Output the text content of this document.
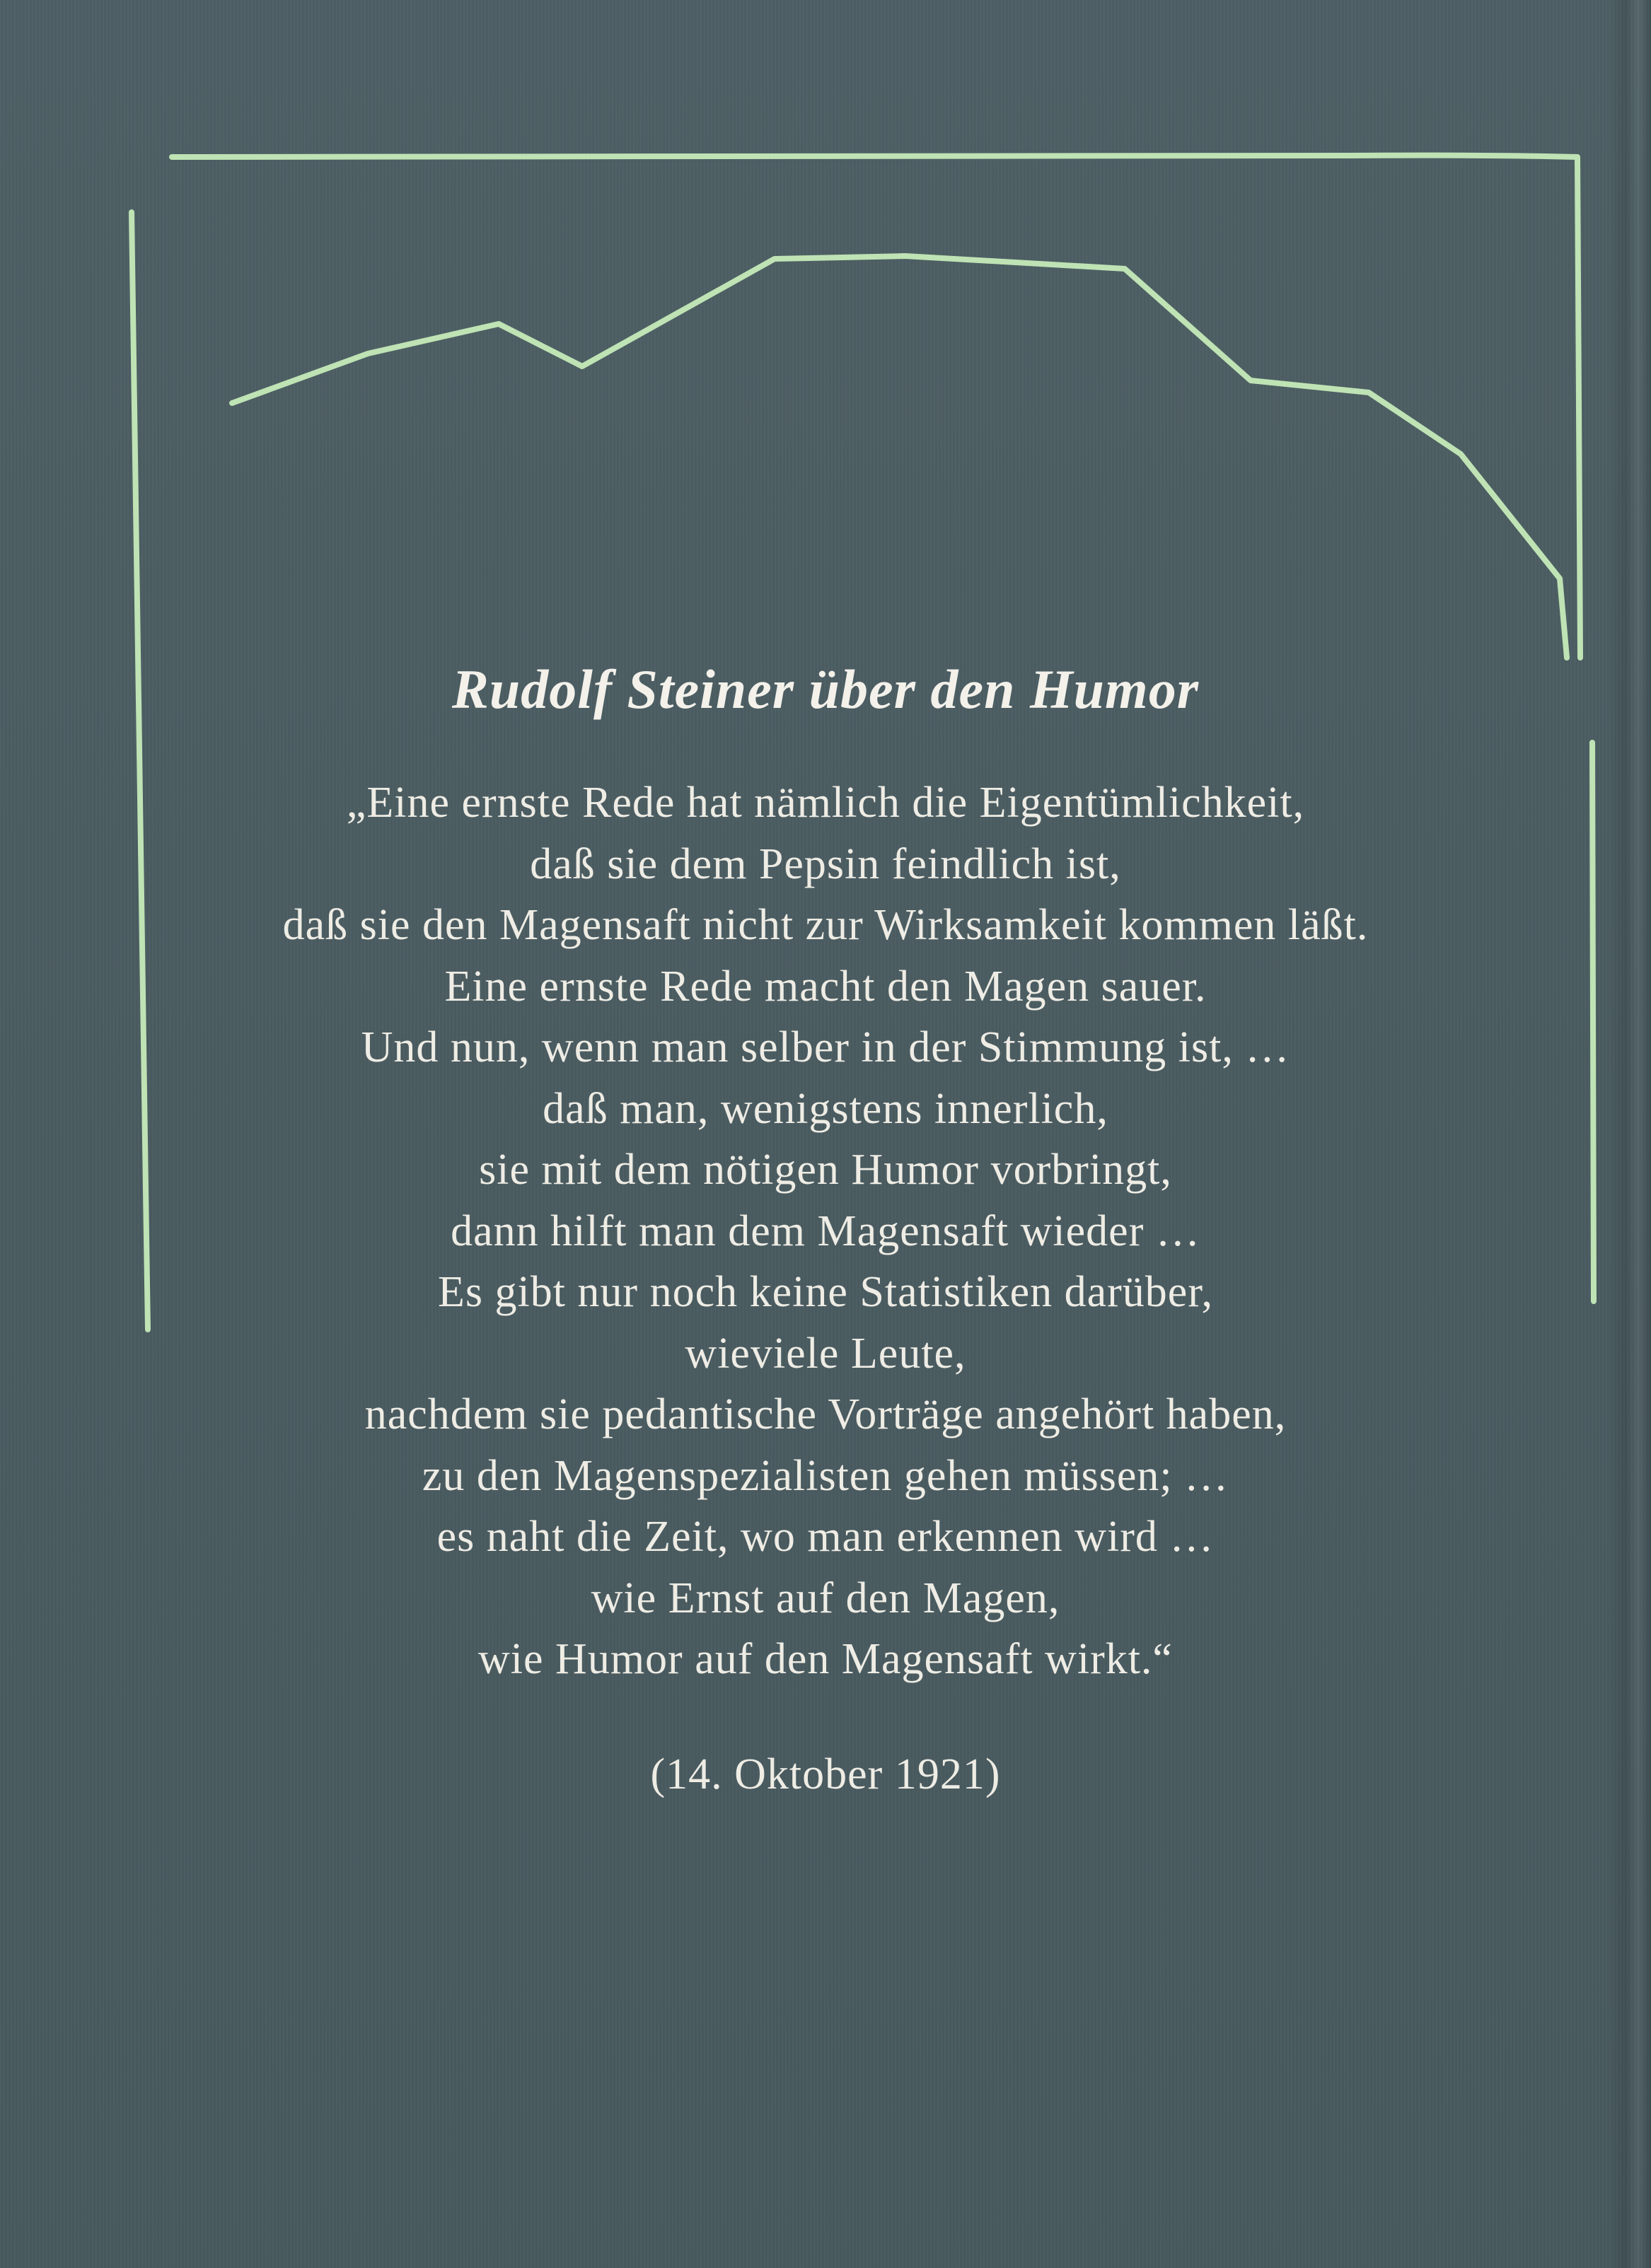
Rudolf Steiner über den Humor
„Eine ernste Rede hat nämlich die Eigentümlichkeit,
daß sie dem Pepsin feindlich ist,
daß sie den Magensaft nicht zur Wirksamkeit kommen läßt.
Eine ernste Rede macht den Magen sauer.
Und nun, wenn man selber in der Stimmung ist, …
daß man, wenigstens innerlich,
sie mit dem nötigen Humor vorbringt,
dann hilft man dem Magensaft wieder …
Es gibt nur noch keine Statistiken darüber,
wieviele Leute,
nachdem sie pedantische Vorträge angehört haben,
zu den Magenspezialisten gehen müssen; …
es naht die Zeit, wo man erkennen wird …
wie Ernst auf den Magen,
wie Humor auf den Magensaft wirkt.“
(14. Oktober 1921)
